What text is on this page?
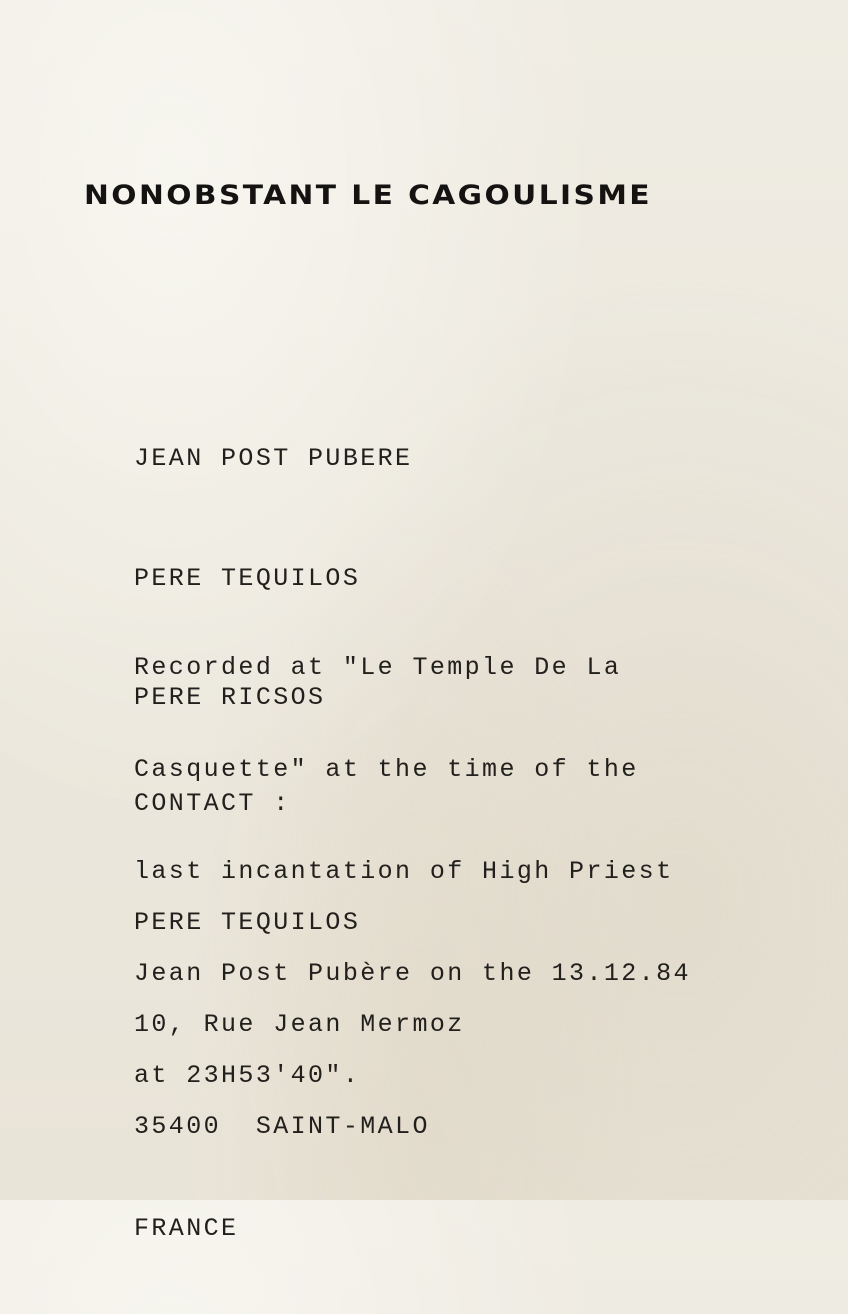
NONOBSTANT LE CAGOULISME

JEAN POST PUBERE

PERE TEQUILOS

PERE RICSOS

Recorded at "Le Temple De La

Casquette" at the time of the

last incantation of High Priest

Jean Post Pubère on the 13.12.84

at 23H53'40".

CONTACT :

PERE TEQUILOS

10, Rue Jean Mermoz

35400  SAINT-MALO

FRANCE
